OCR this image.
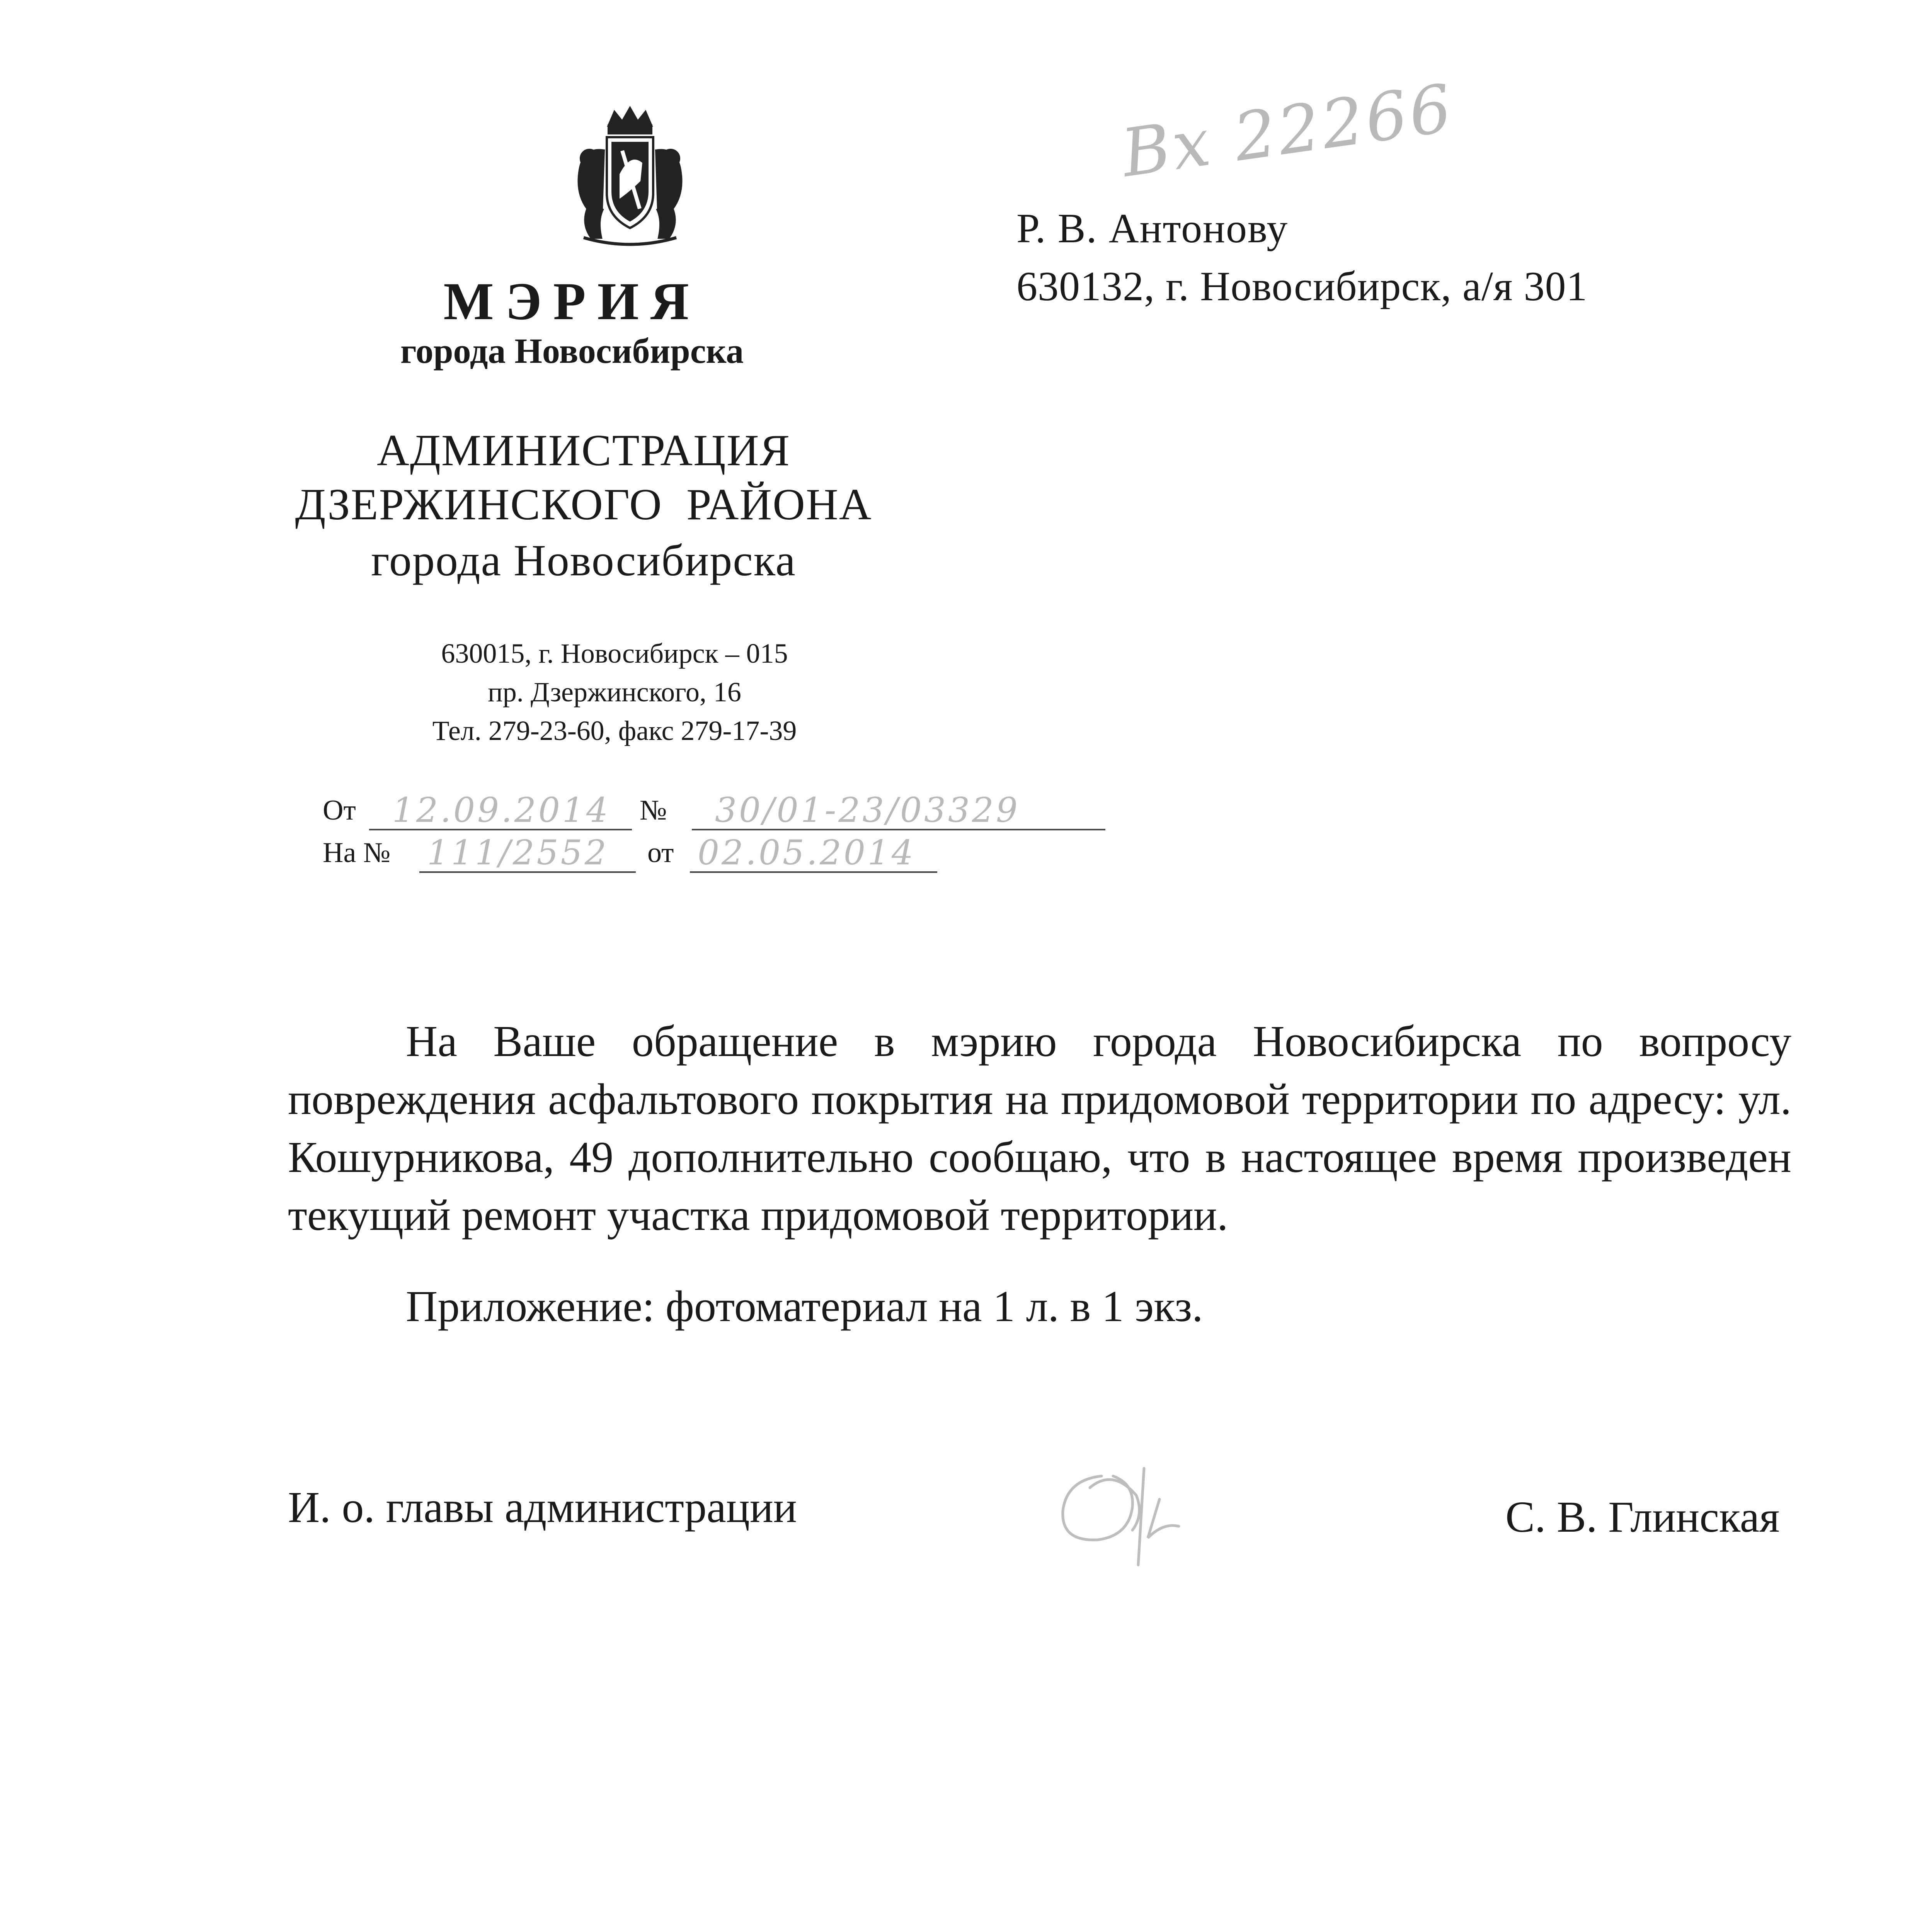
Вх 22266
МЭРИЯ
города Новосибирска
АДМИНИСТРАЦИЯ
ДЗЕРЖИНСКОГО  РАЙОНА
города Новосибирска
630015, г. Новосибирск – 015
пр. Дзержинского, 16
Тел. 279-23-60, факс 279-17-39
От 12.09.2014 № 30/01-23/03329
На № 111/2552 от 02.05.2014
Р. В. Антонову
630132, г. Новосибирск, а/я 301
На Ваше обращение в мэрию города Новосибирска по вопросу повреждения асфальтового покрытия на придомовой территории по адресу: ул. Кошурникова, 49 дополнительно сообщаю, что в настоящее время произведен текущий ремонт участка придомовой территории.
Приложение: фотоматериал на 1 л. в 1 экз.
И. о. главы администрации	С. В. Глинская
